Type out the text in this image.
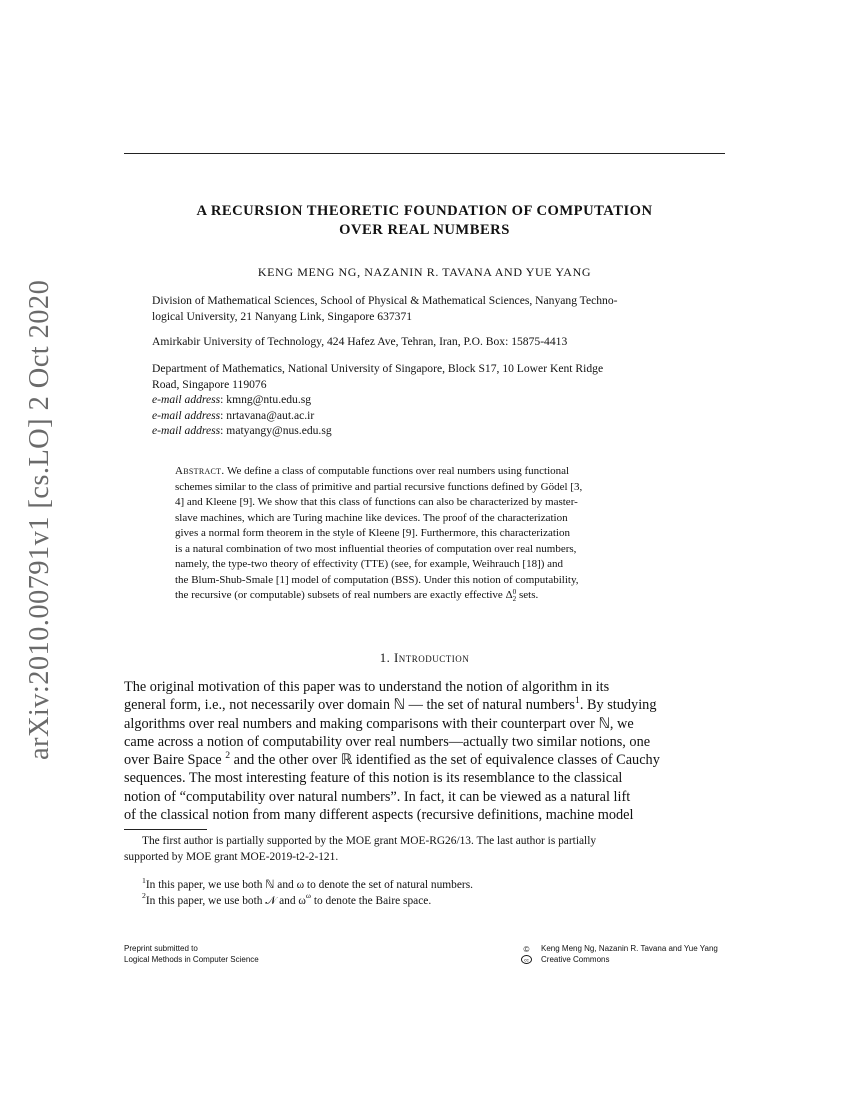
arXiv:2010.00791v1 [cs.LO] 2 Oct 2020
A RECURSION THEORETIC FOUNDATION OF COMPUTATION
OVER REAL NUMBERS
KENG MENG NG, NAZANIN R. TAVANA AND YUE YANG
Division of Mathematical Sciences, School of Physical & Mathematical Sciences, Nanyang Techno-
logical University, 21 Nanyang Link, Singapore 637371
Amirkabir University of Technology, 424 Hafez Ave, Tehran, Iran, P.O. Box: 15875-4413
Department of Mathematics, National University of Singapore, Block S17, 10 Lower Kent Ridge
Road, Singapore 119076
e-mail address: kmng@ntu.edu.sg
e-mail address: nrtavana@aut.ac.ir
e-mail address: matyangy@nus.edu.sg
Abstract. We define a class of computable functions over real numbers using functional
schemes similar to the class of primitive and partial recursive functions defined by Gödel [3,
4] and Kleene [9]. We show that this class of functions can also be characterized by master-
slave machines, which are Turing machine like devices. The proof of the characterization
gives a normal form theorem in the style of Kleene [9]. Furthermore, this characterization
is a natural combination of two most influential theories of computation over real numbers,
namely, the type-two theory of effectivity (TTE) (see, for example, Weihrauch [18]) and
the Blum-Shub-Smale [1] model of computation (BSS). Under this notion of computability,
the recursive (or computable) subsets of real numbers are exactly effective Δ 0
2 sets.
1. Introduction
The original motivation of this paper was to understand the notion of algorithm in its
general form, i.e., not necessarily over domain ℕ — the set of natural numbers$^1$. By studying
algorithms over real numbers and making comparisons with their counterpart over ℕ, we
came across a notion of computability over real numbers—actually two similar notions, one
over Baire Space $^2$ and the other over ℝ identified as the set of equivalence classes of Cauchy
sequences. The most interesting feature of this notion is its resemblance to the classical
notion of “computability over natural numbers”. In fact, it can be viewed as a natural lift
of the classical notion from many different aspects (recursive definitions, machine model
The first author is partially supported by the MOE grant MOE-RG26/13. The last author is partially
supported by MOE grant MOE-2019-t2-2-121.
$^1$In this paper, we use both ℕ and ω to denote the set of natural numbers.
$^2$In this paper, we use both 𝒩 and $\omega^\omega$ to denote the Baire space.
Preprint submitted to
Logical Methods in Computer Science
©	Keng Meng Ng, Nazanin R. Tavana and Yue Yang
cc Creative Commons
